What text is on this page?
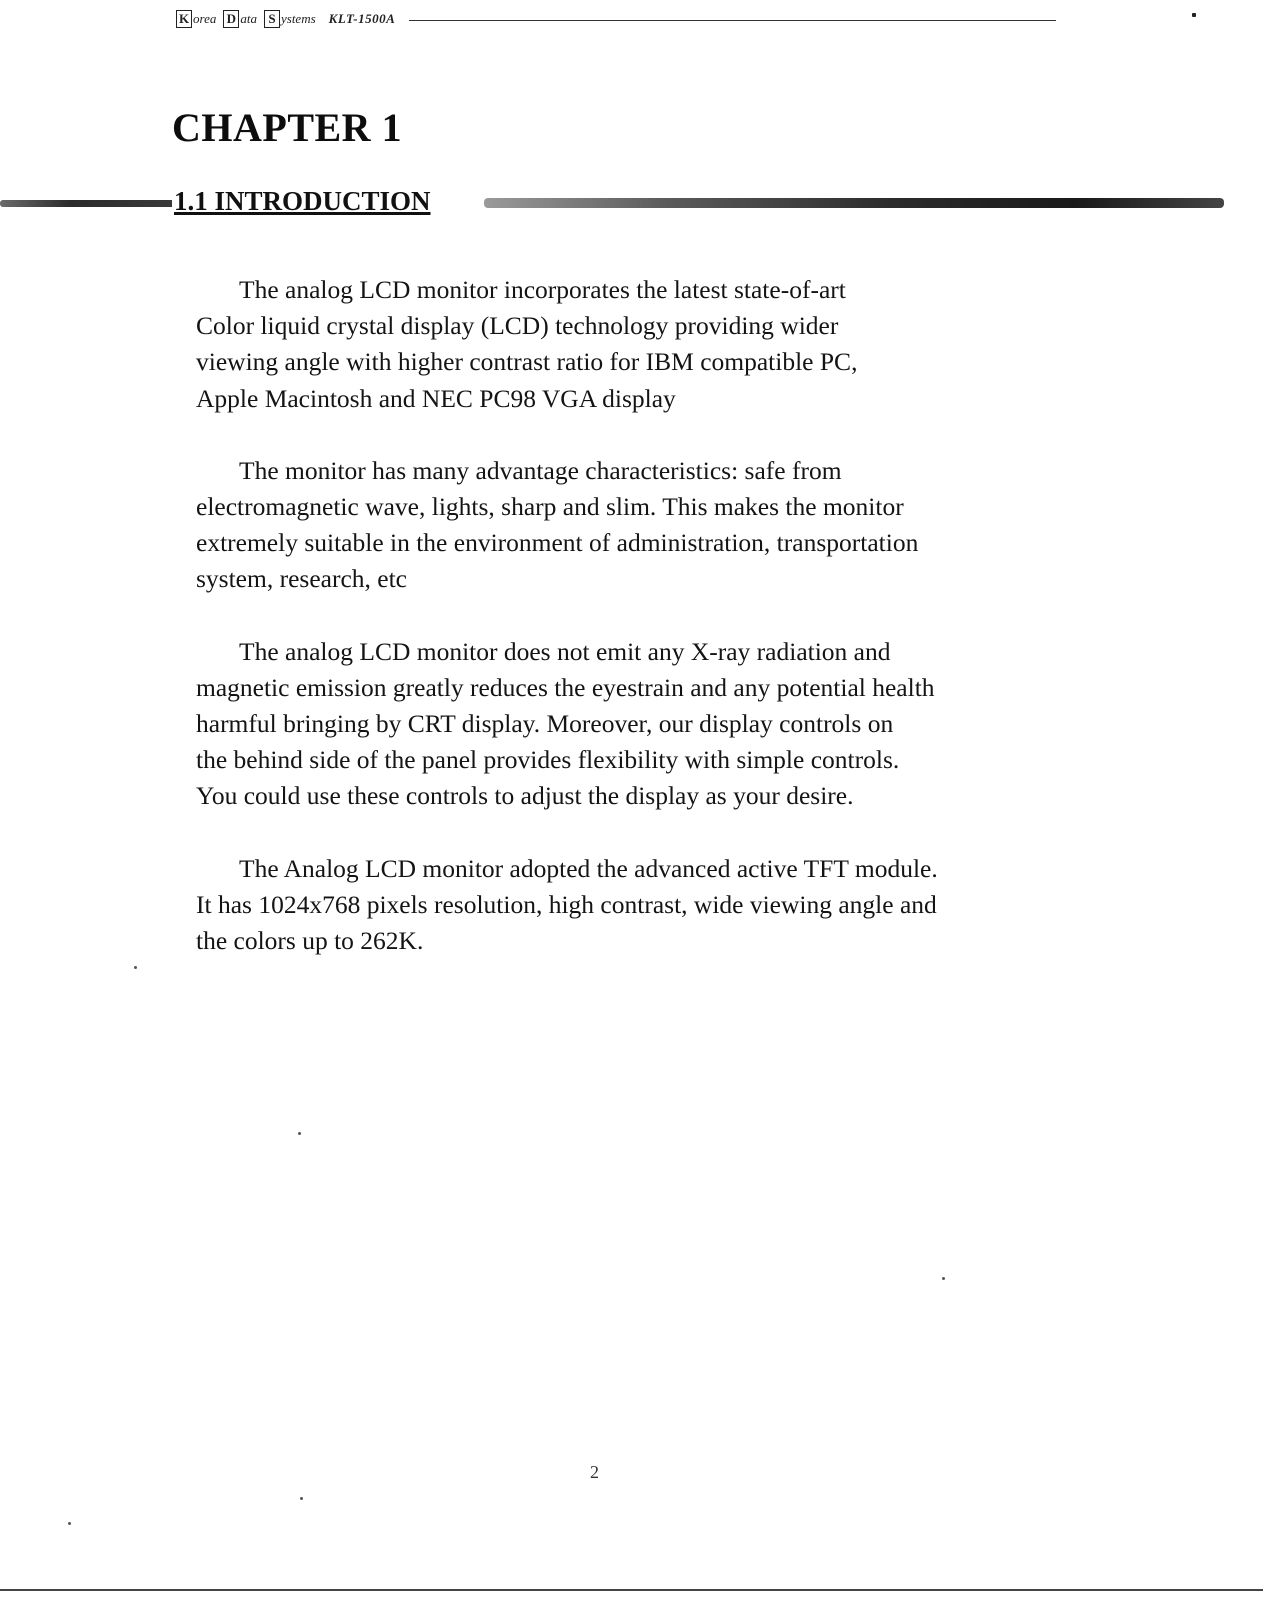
K orea D ata S ystems KLT-1500A
CHAPTER 1
1.1 INTRODUCTION

The analog LCD monitor incorporates the latest state-of-art
Color liquid crystal display (LCD) technology providing wider
viewing angle with higher contrast ratio for IBM compatible PC,
Apple Macintosh and NEC PC98 VGA display

The monitor has many advantage characteristics: safe from
electromagnetic wave, lights, sharp and slim. This makes the monitor
extremely suitable in the environment of administration, transportation
system, research, etc

The analog LCD monitor does not emit any X-ray radiation and
magnetic emission greatly reduces the eyestrain and any potential health
harmful bringing by CRT display. Moreover, our display controls on
the behind side of the panel provides flexibility with simple controls.
You could use these controls to adjust the display as your desire.

The Analog LCD monitor adopted the advanced active TFT module.
It has 1024x768 pixels resolution, high contrast, wide viewing angle and
the colors up to 262K.

2
